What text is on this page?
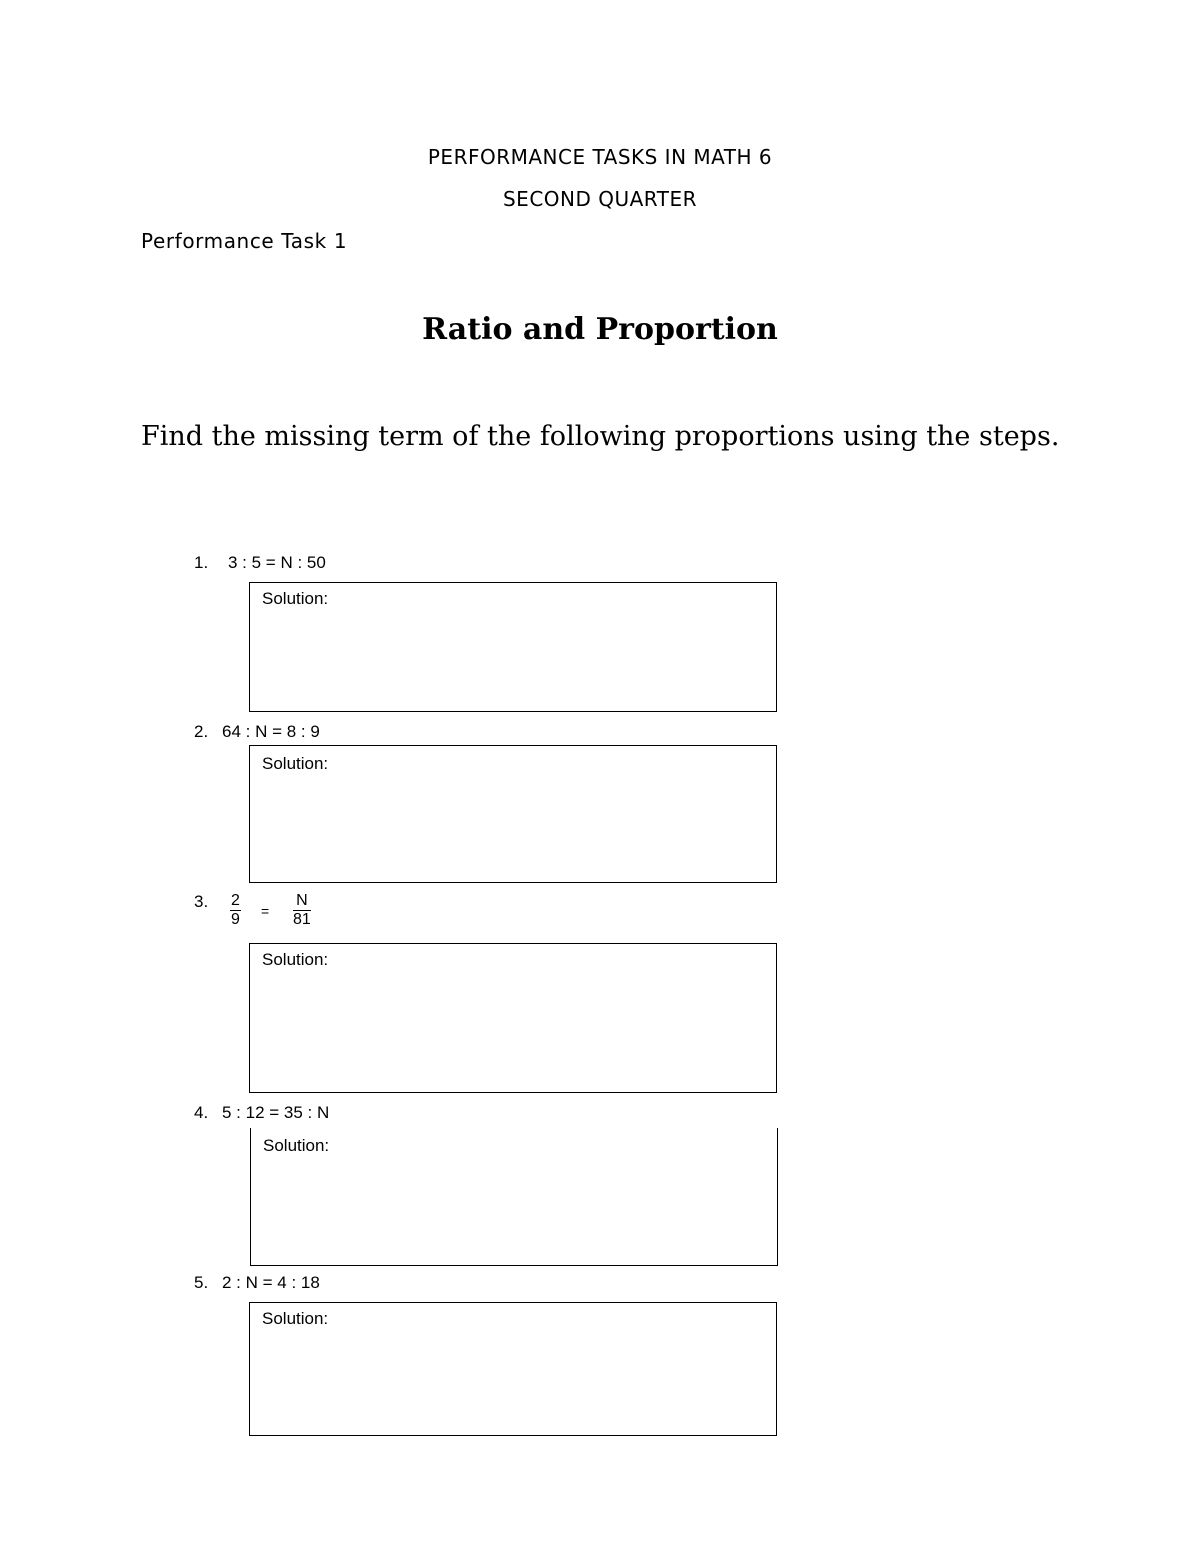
PERFORMANCE TASKS IN MATH 6
SECOND QUARTER
Performance Task 1
Ratio and Proportion
Find the missing term of the following proportions using the steps.
1. 3 : 5 = N : 50
Solution:
2. 64 : N = 8 : 9
Solution:
3. $\frac{2}{9} = \frac{N}{81}$
Solution:
4. 5 : 12 = 35 : N
Solution:
5. 2 : N = 4 : 18
Solution:
